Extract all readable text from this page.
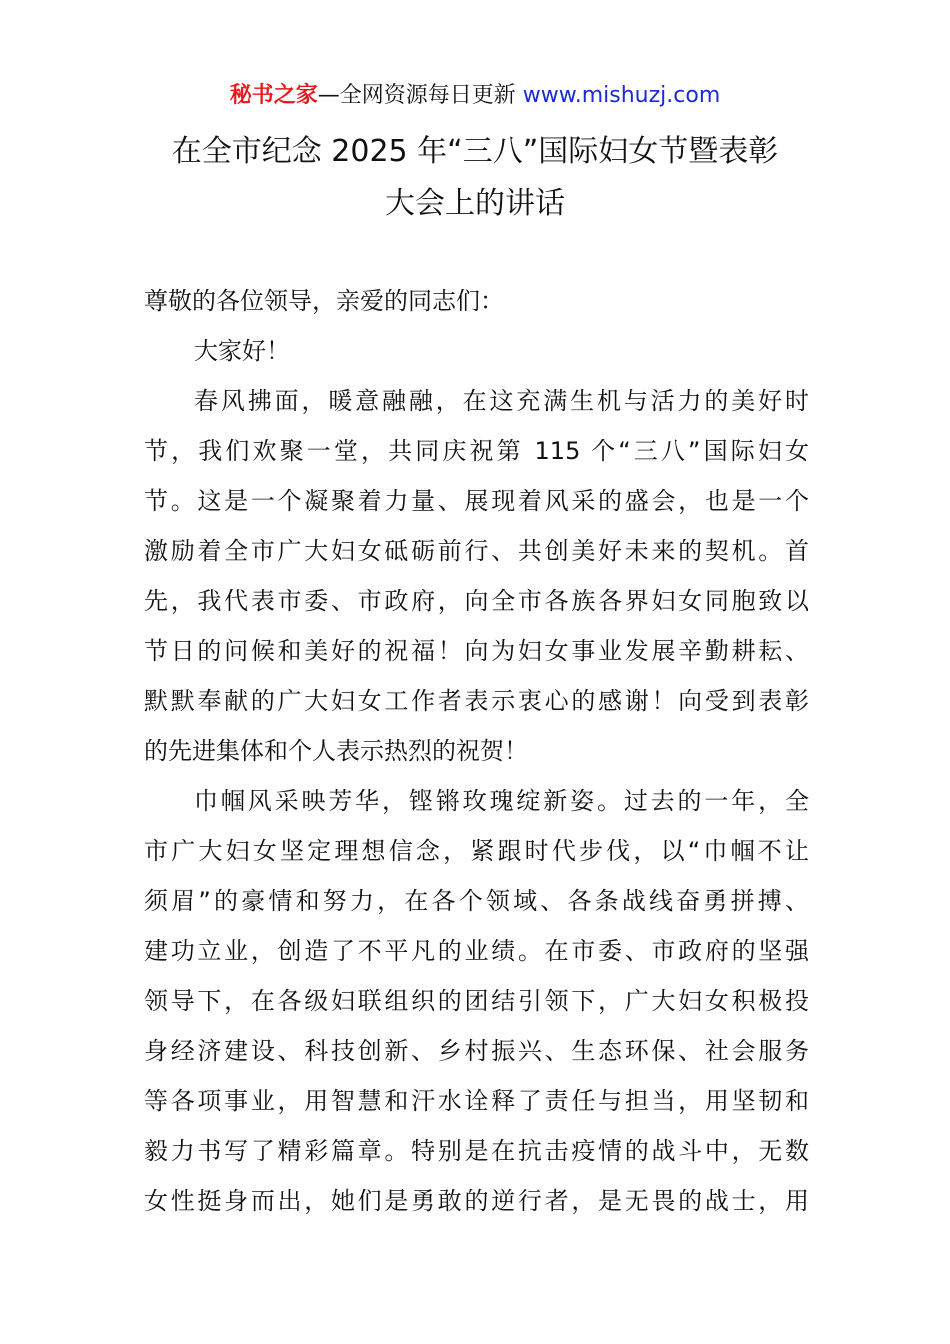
秘书之家—全网资源每日更新 www.mishuzj.com
在全市纪念 2025 年“三八”国际妇女节暨表彰
大会上的讲话
尊敬的各位领导，亲爱的同志们：
大家好！
春风拂面，暖意融融，在这充满生机与活力的美好时
节，我们欢聚一堂，共同庆祝第 115 个“三八”国际妇女
节。这是一个凝聚着力量、展现着风采的盛会，也是一个
激励着全市广大妇女砥砺前行、共创美好未来的契机。首
先，我代表市委、市政府，向全市各族各界妇女同胞致以
节日的问候和美好的祝福！向为妇女事业发展辛勤耕耘、
默默奉献的广大妇女工作者表示衷心的感谢！向受到表彰
的先进集体和个人表示热烈的祝贺！
巾帼风采映芳华，铿锵玫瑰绽新姿。过去的一年，全
市广大妇女坚定理想信念，紧跟时代步伐，以“巾帼不让
须眉”的豪情和努力，在各个领域、各条战线奋勇拼搏、
建功立业，创造了不平凡的业绩。在市委、市政府的坚强
领导下，在各级妇联组织的团结引领下，广大妇女积极投
身经济建设、科技创新、乡村振兴、生态环保、社会服务
等各项事业，用智慧和汗水诠释了责任与担当，用坚韧和
毅力书写了精彩篇章。特别是在抗击疫情的战斗中，无数
女性挺身而出，她们是勇敢的逆行者，是无畏的战士，用
